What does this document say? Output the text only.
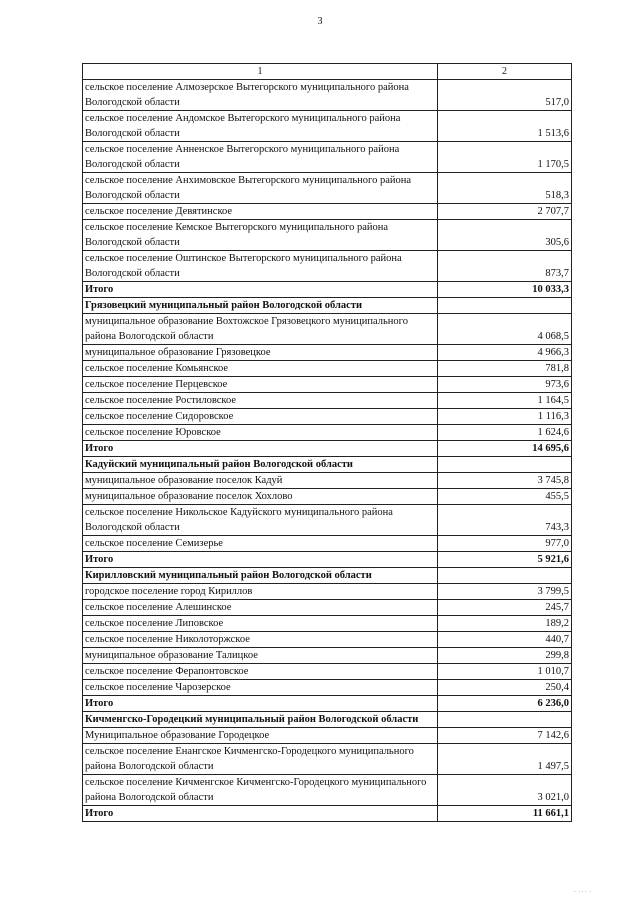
3
1	2
сельское поселение Алмозерское Вытегорского муниципального района Вологодской области	517,0
сельское поселение Андомское Вытегорского муниципального района Вологодской области	1 513,6
сельское поселение Анненское Вытегорского муниципального района Вологодской области	1 170,5
сельское поселение Анхимовское Вытегорского муниципального района Вологодской области	518,3
сельское поселение Девятинское	2 707,7
сельское поселение Кемское Вытегорского муниципального района Вологодской области	305,6
сельское поселение Оштинское Вытегорского муниципального района Вологодской области	873,7
Итого	10 033,3
Грязовецкий муниципальный район Вологодской области	
муниципальное образование Вохтожское Грязовецкого муниципального района Вологодской области	4 068,5
муниципальное образование Грязовецкое	4 966,3
сельское поселение Комьянское	781,8
сельское поселение Перцевское	973,6
сельское поселение Ростиловское	1 164,5
сельское поселение Сидоровское	1 116,3
сельское поселение Юровское	1 624,6
Итого	14 695,6
Кадуйский муниципальный район Вологодской области	
муниципальное образование поселок Кадуй	3 745,8
муниципальное образование поселок Хохлово	455,5
сельское поселение Никольское Кадуйского муниципального района Вологодской области	743,3
сельское поселение Семизерье	977,0
Итого	5 921,6
Кирилловский муниципальный район Вологодской области	
городское поселение город Кириллов	3 799,5
сельское поселение Алешинское	245,7
сельское поселение Липовское	189,2
сельское поселение Николоторжское	440,7
муниципальное образование Талицкое	299,8
сельское поселение Ферапонтовское	1 010,7
сельское поселение Чарозерское	250,4
Итого	6 236,0
Кичменгско-Городецкий муниципальный район Вологодской области	
Муниципальное образование Городецкое	7 142,6
сельское поселение Енангское Кичменгско-Городецкого муниципального района Вологодской области	1 497,5
сельское поселение Кичменгское Кичменгско-Городецкого муниципального района Вологодской области	3 021,0
Итого	11 661,1
⋅ ⋅⋅⋅ ⋅
